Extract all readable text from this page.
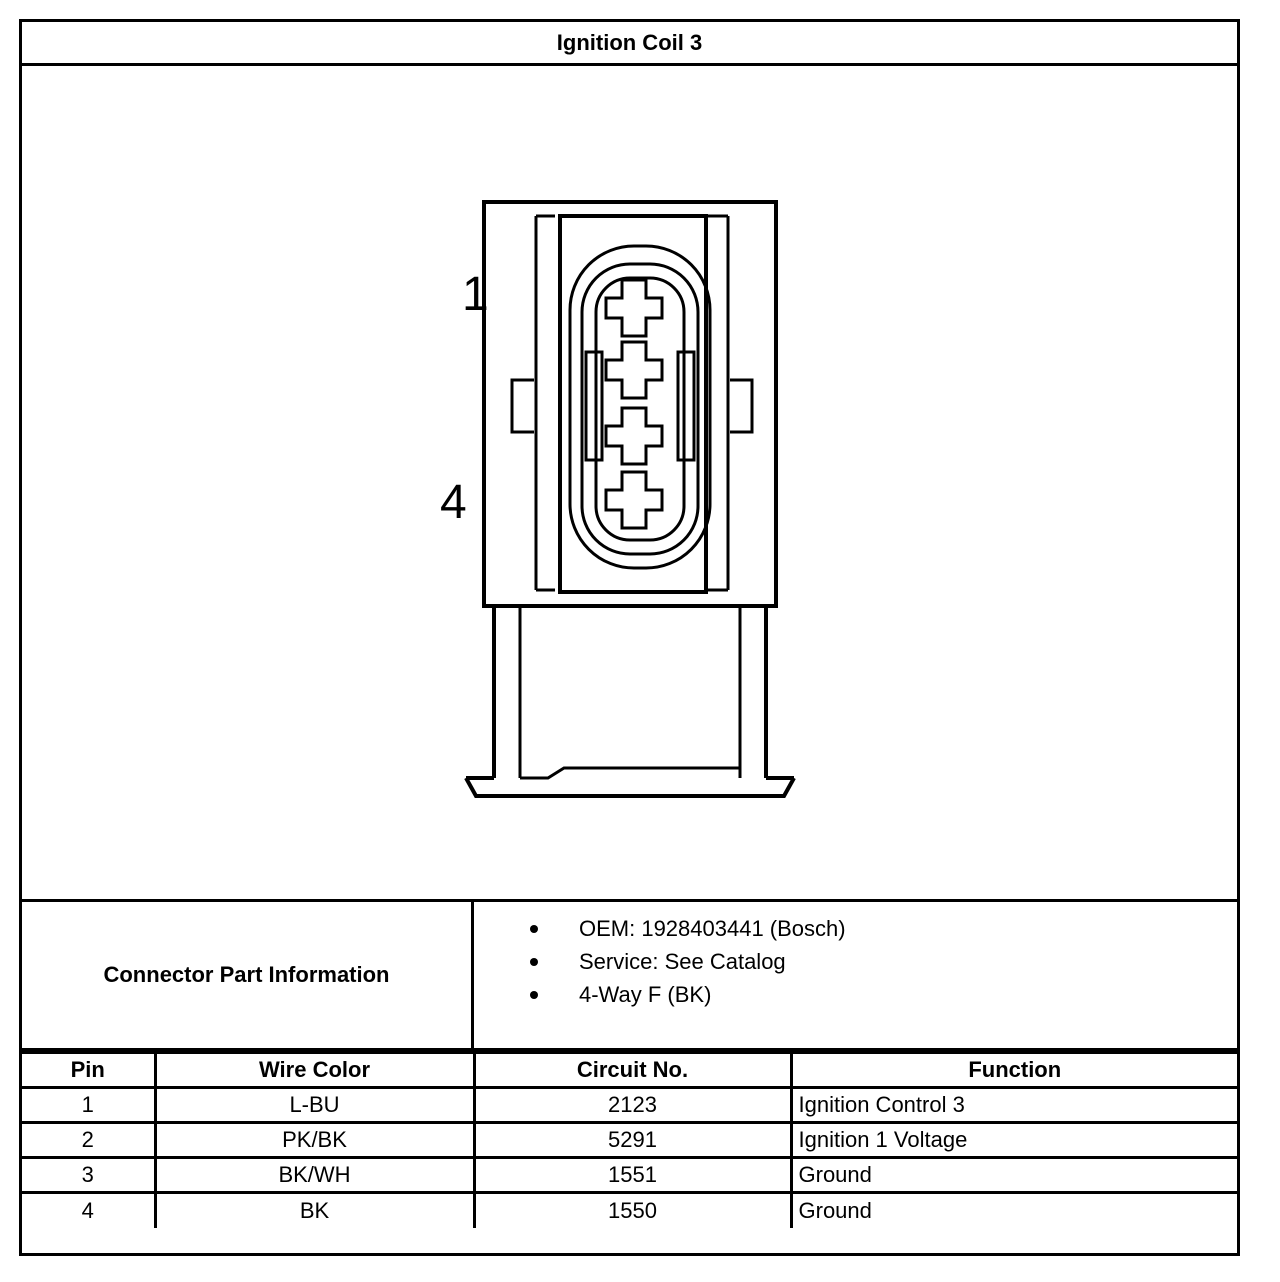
Ignition Coil 3
1
4
Connector Part Information
OEM: 1928403441 (Bosch)
Service: See Catalog
4-Way F (BK)
Pin	Wire Color	Circuit No.	Function
1	L-BU	2123	Ignition Control 3
2	PK/BK	5291	Ignition 1 Voltage
3	BK/WH	1551	Ground
4	BK	1550	Ground
